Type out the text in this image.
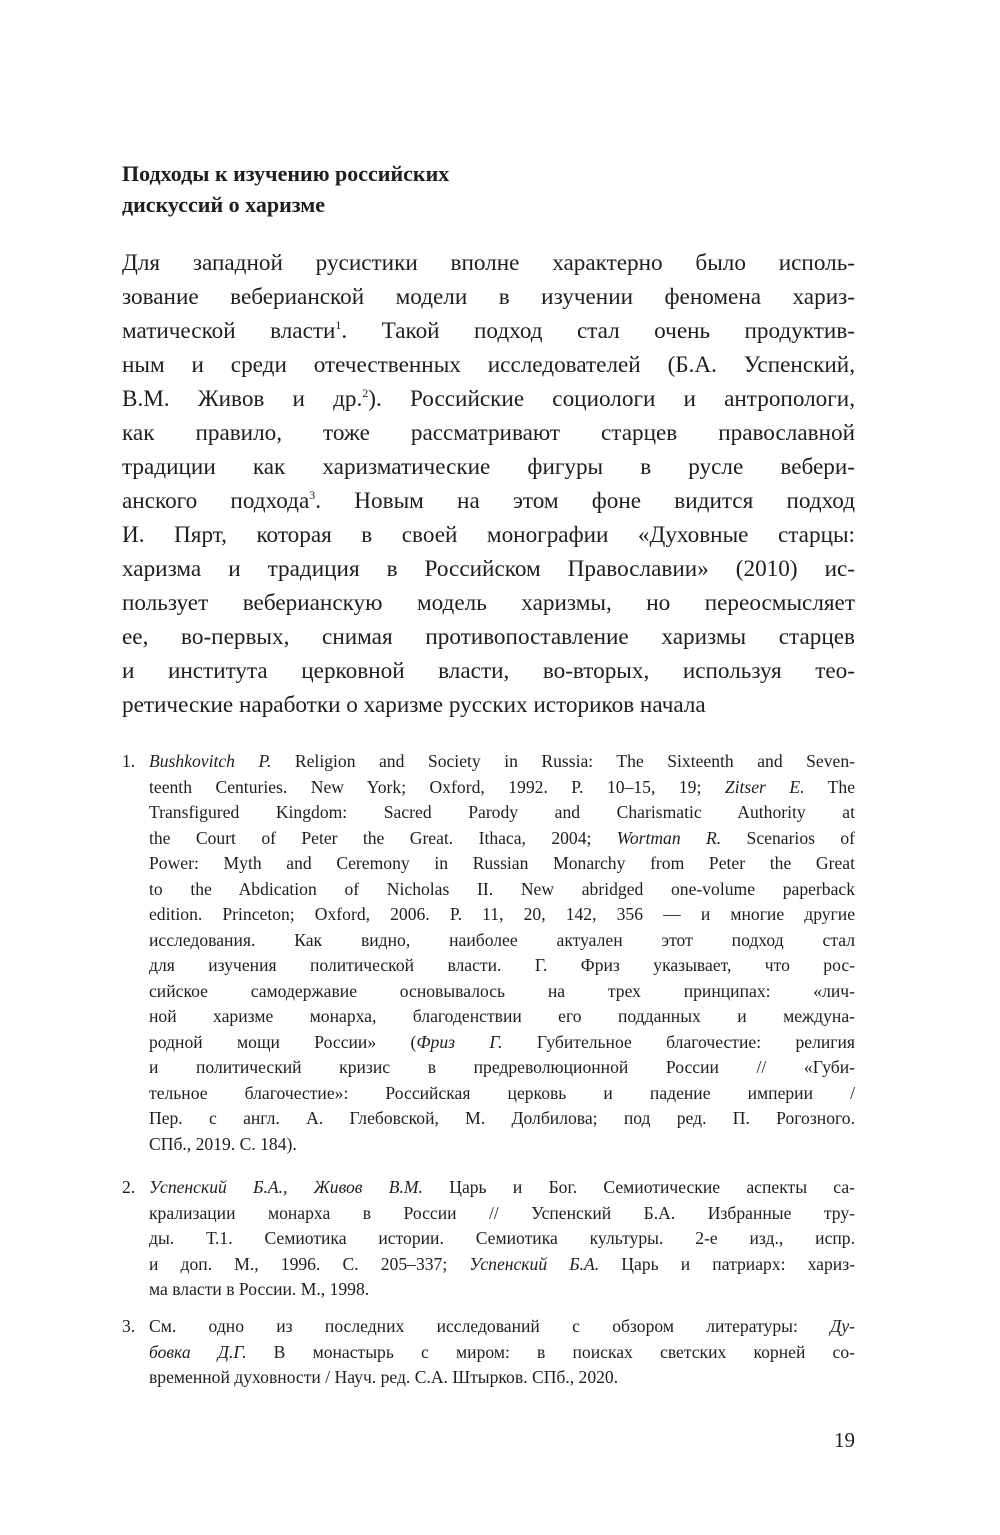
Подходы к изучению российских
дискуссий о харизме
Для западной русистики вполне характерно было исполь-
зование веберианской модели в изучении феномена хариз-
матической власти$^1$. Такой подход стал очень продуктив-
ным и среди отечественных исследователей (Б.А. Успенский,
В.М. Живов и др.$^2$). Российские социологи и антропологи,
как правило, тоже рассматривают старцев православной
традиции как харизматические фигуры в русле вебери-
анского подхода$^3$. Новым на этом фоне видится подход
И. Пярт, которая в своей монографии «Духовные старцы:
харизма и традиция в Российском Православии» (2010) ис-
пользует веберианскую модель харизмы, но переосмысляет
ее, во-первых, снимая противопоставление харизмы старцев
и института церковной власти, во-вторых, используя тео-
ретические наработки о харизме русских историков начала
1. Bushkovitch P. Religion and Society in Russia: The Sixteenth and Seven-
teenth Centuries. New York; Oxford, 1992. P. 10–15, 19; Zitser E. The
Transfigured Kingdom: Sacred Parody and Charismatic Authority at
the Court of Peter the Great. Ithaca, 2004; Wortman R. Scenarios of
Power: Myth and Ceremony in Russian Monarchy from Peter the Great
to the Abdication of Nicholas II. New abridged one-volume paperback
edition. Princeton; Oxford, 2006. P. 11, 20, 142, 356 — и многие другие
исследования. Как видно, наиболее актуален этот подход стал
для изучения политической власти. Г. Фриз указывает, что рос-
сийское самодержавие основывалось на трех принципах: «лич-
ной харизме монарха, благоденствии его подданных и междуна-
родной мощи России» (Фриз Г. Губительное благочестие: религия
и политический кризис в предреволюционной России // «Губи-
тельное благочестие»: Российская церковь и падение империи /
Пер. с англ. А. Глебовской, М. Долбилова; под ред. П. Рогозного.
СПб., 2019. С. 184).
2. Успенский Б.А., Живов В.М. Царь и Бог. Семиотические аспекты са-
крализации монарха в России // Успенский Б.А. Избранные тру-
ды. Т.1. Семиотика истории. Семиотика культуры. 2-е изд., испр.
и доп. М., 1996. С. 205–337; Успенский Б.А. Царь и патриарх: хариз-
ма власти в России. М., 1998.
3. См. одно из последних исследований с обзором литературы: Ду-
бовка Д.Г. В монастырь с миром: в поисках светских корней со-
временной духовности / Науч. ред. С.А. Штырков. СПб., 2020.
19
